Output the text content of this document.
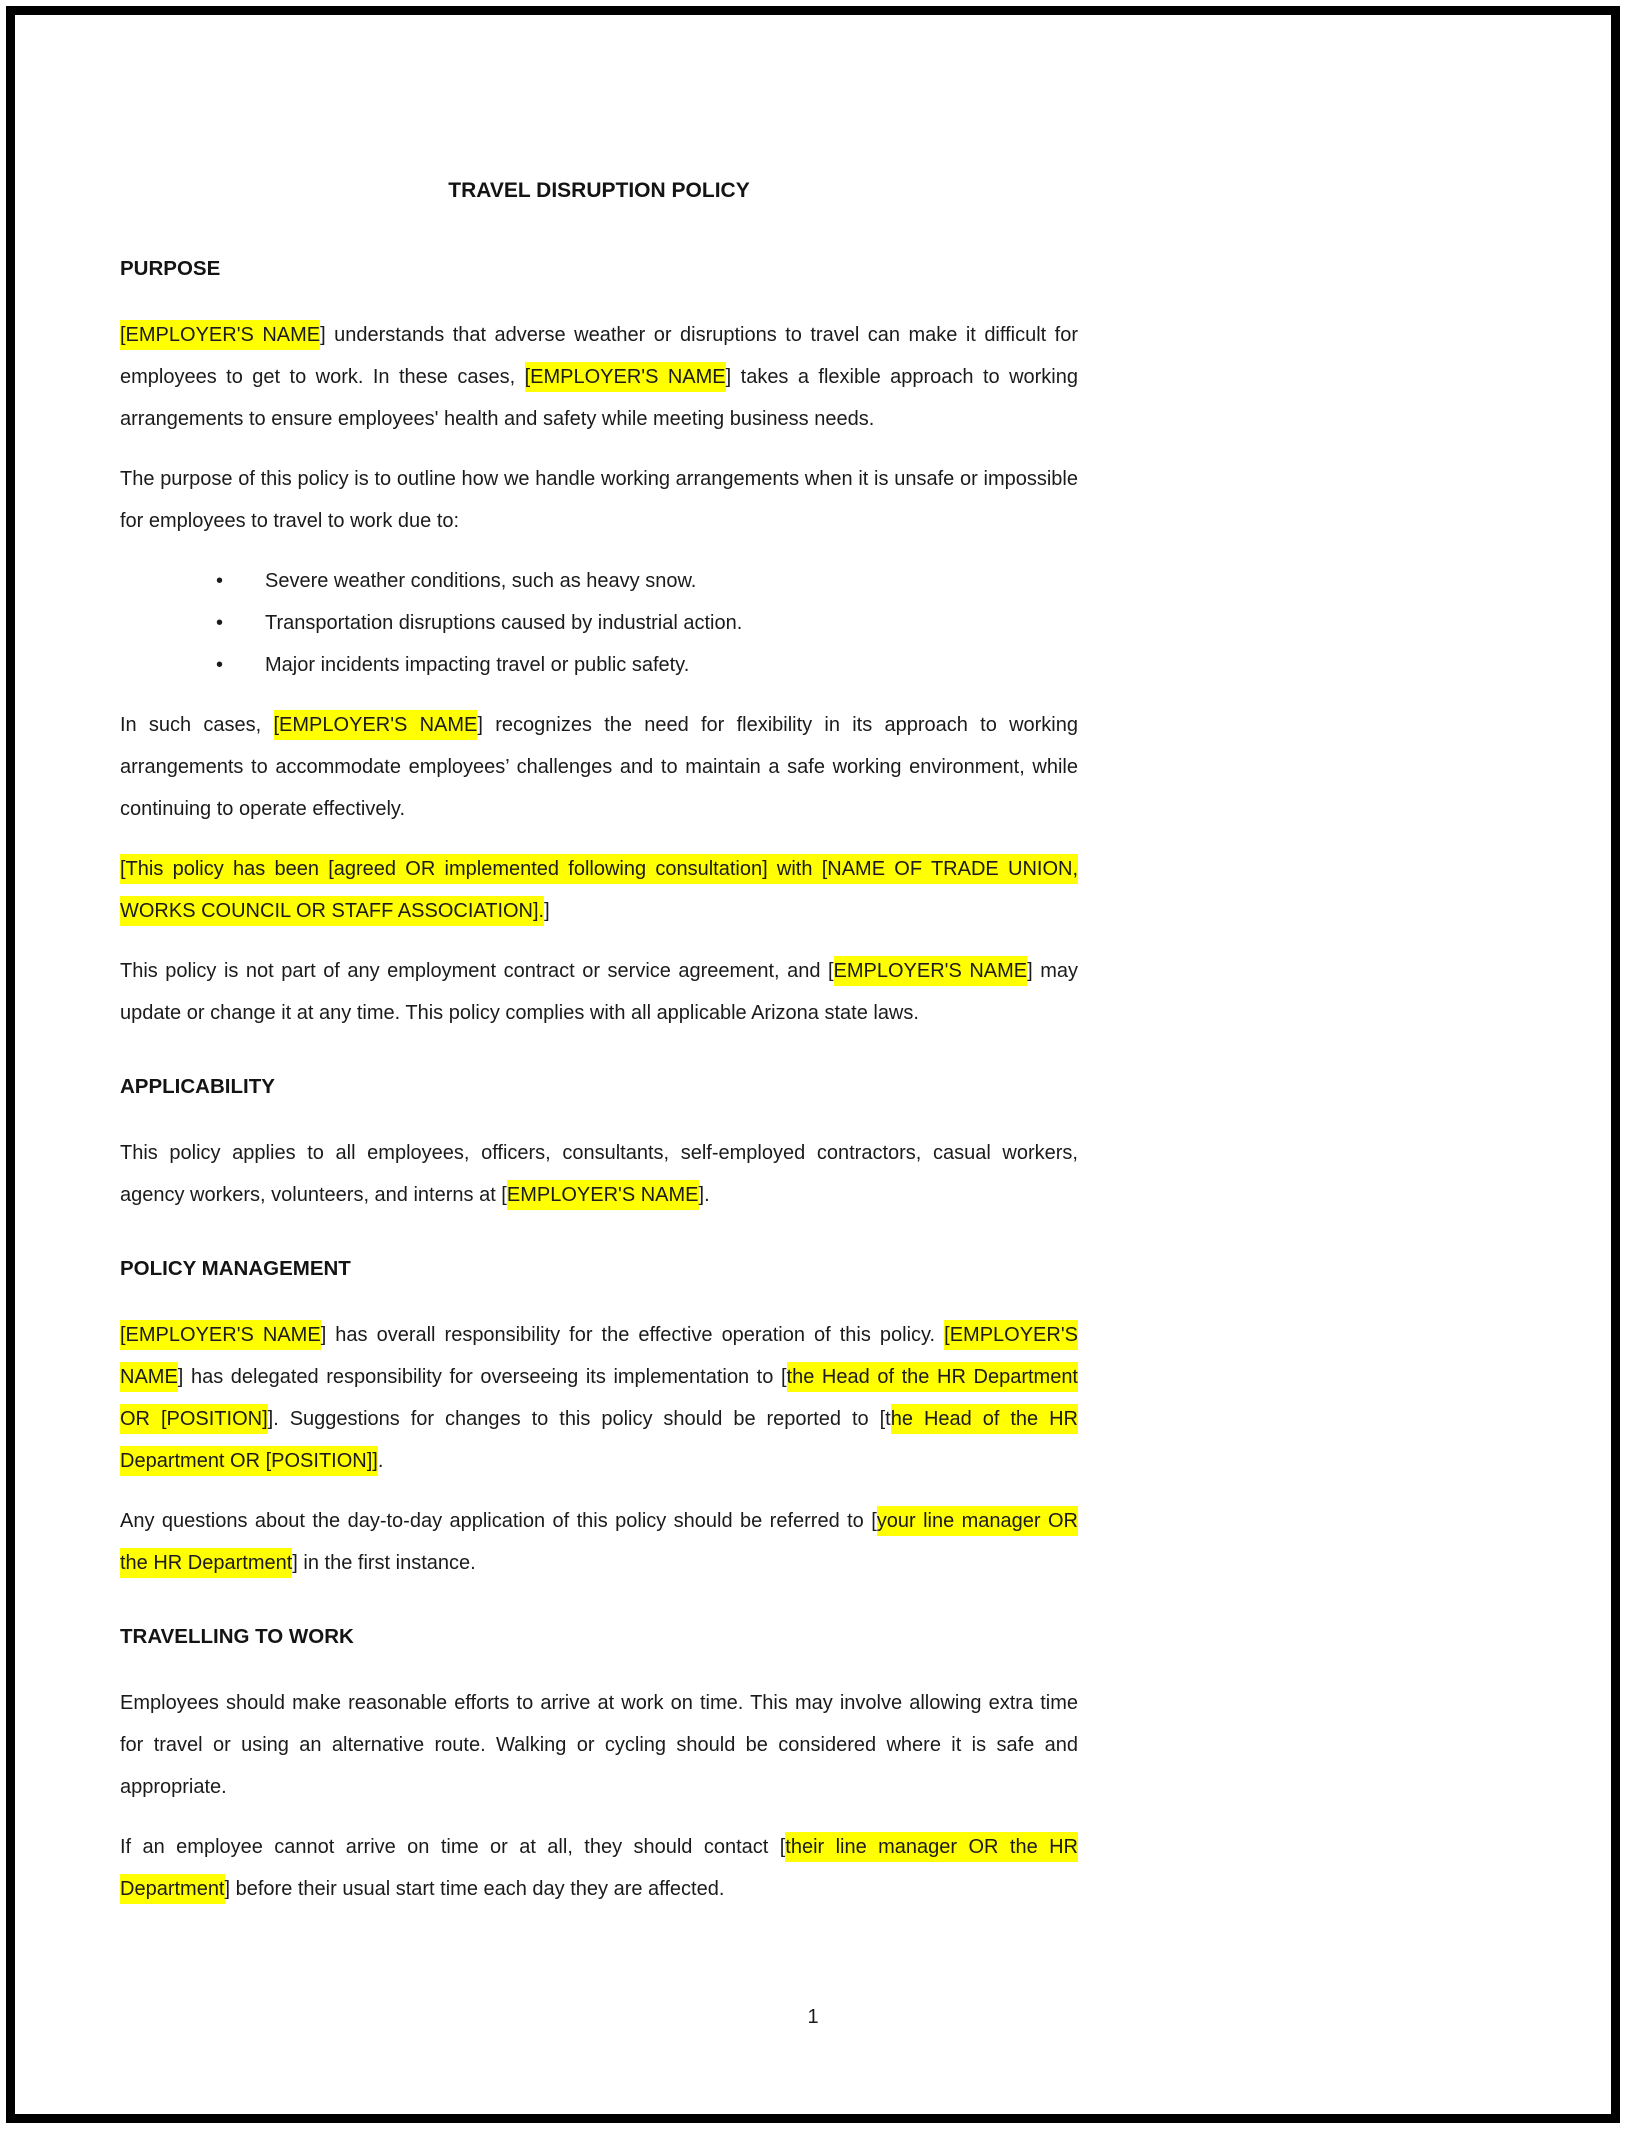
TRAVEL DISRUPTION POLICY
PURPOSE

[EMPLOYER'S NAME] understands that adverse weather or disruptions to travel can make it difficult for employees to get to work. In these cases, [EMPLOYER'S NAME] takes a flexible approach to working arrangements to ensure employees' health and safety while meeting business needs.

The purpose of this policy is to outline how we handle working arrangements when it is unsafe or impossible for employees to travel to work due to:

• Severe weather conditions, such as heavy snow.
• Transportation disruptions caused by industrial action.
• Major incidents impacting travel or public safety.

In such cases, [EMPLOYER'S NAME] recognizes the need for flexibility in its approach to working arrangements to accommodate employees’ challenges and to maintain a safe working environment, while continuing to operate effectively.

[This policy has been [agreed OR implemented following consultation] with [NAME OF TRADE UNION, WORKS COUNCIL OR STAFF ASSOCIATION].]

This policy is not part of any employment contract or service agreement, and [EMPLOYER'S NAME] may update or change it at any time. This policy complies with all applicable Arizona state laws.

APPLICABILITY

This policy applies to all employees, officers, consultants, self-employed contractors, casual workers, agency workers, volunteers, and interns at [EMPLOYER'S NAME].

POLICY MANAGEMENT

[EMPLOYER'S NAME] has overall responsibility for the effective operation of this policy. [EMPLOYER'S NAME] has delegated responsibility for overseeing its implementation to [the Head of the HR Department OR [POSITION]]. Suggestions for changes to this policy should be reported to [the Head of the HR Department OR [POSITION]].

Any questions about the day-to-day application of this policy should be referred to [your line manager OR the HR Department] in the first instance.

TRAVELLING TO WORK

Employees should make reasonable efforts to arrive at work on time. This may involve allowing extra time for travel or using an alternative route. Walking or cycling should be considered where it is safe and appropriate.

If an employee cannot arrive on time or at all, they should contact [their line manager OR the HR Department] before their usual start time each day they are affected.

1
